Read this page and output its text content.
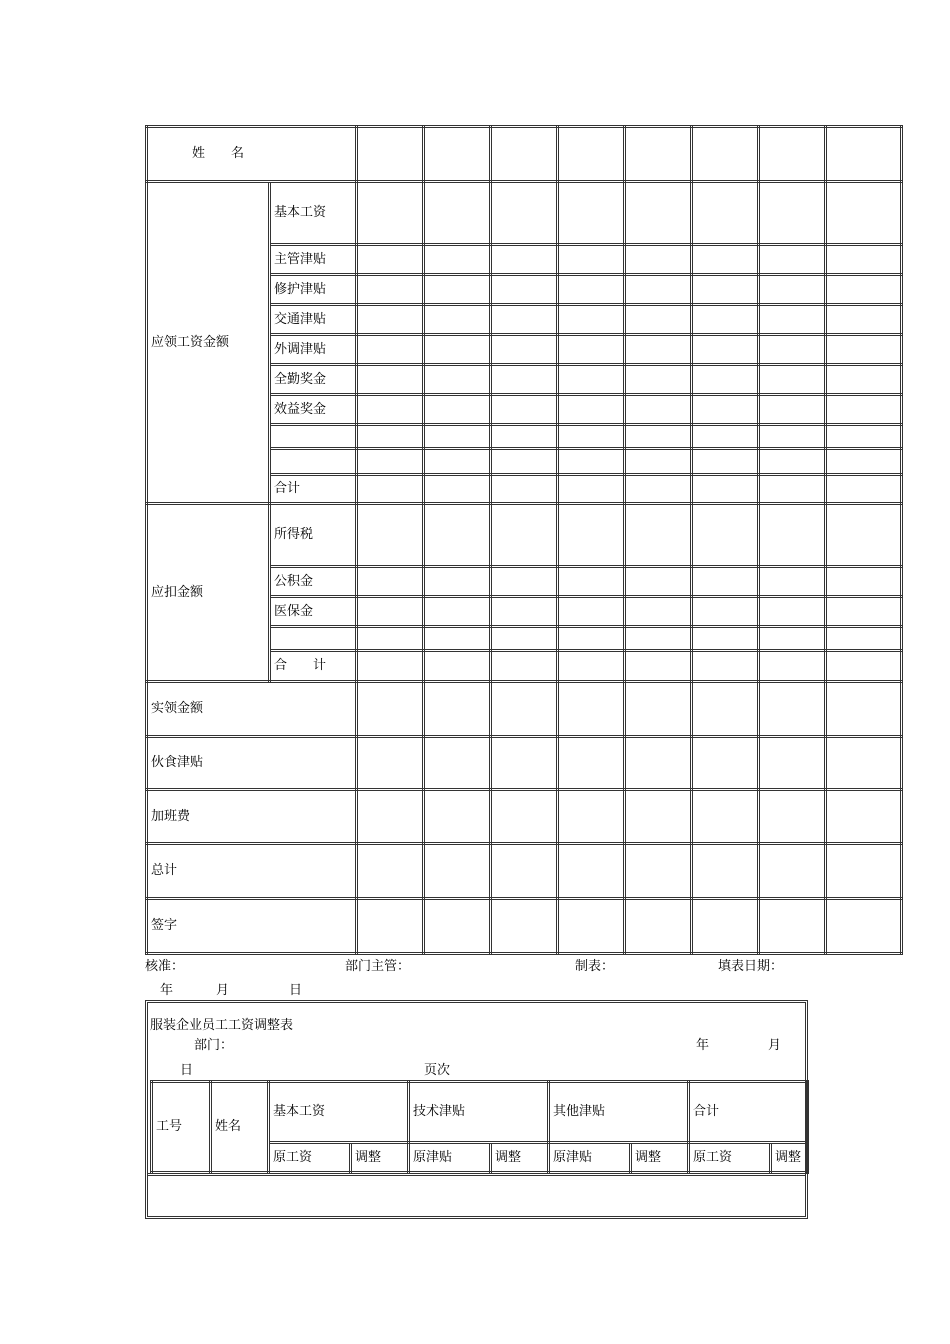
姓　　名									
应领工资金额	基本工资								
	主管津贴								
	修护津贴								
	交通津贴								
	外调津贴								
	全勤奖金								
	效益奖金								

	合计								
应扣金额	所得税								
	公积金								
	医保金								

	合　　计								
实领金额									
伙食津贴									
加班费									
总计									
签字									
核准：	部门主管：	制表：	填表日期：
年	月	日
服装企业员工工资调整表
部门：	年	月
日	页次
工号	姓名	基本工资		技术津贴		其他津贴		合计	
		原工资	调整	原津贴	调整	原津贴	调整	原工资	调整
